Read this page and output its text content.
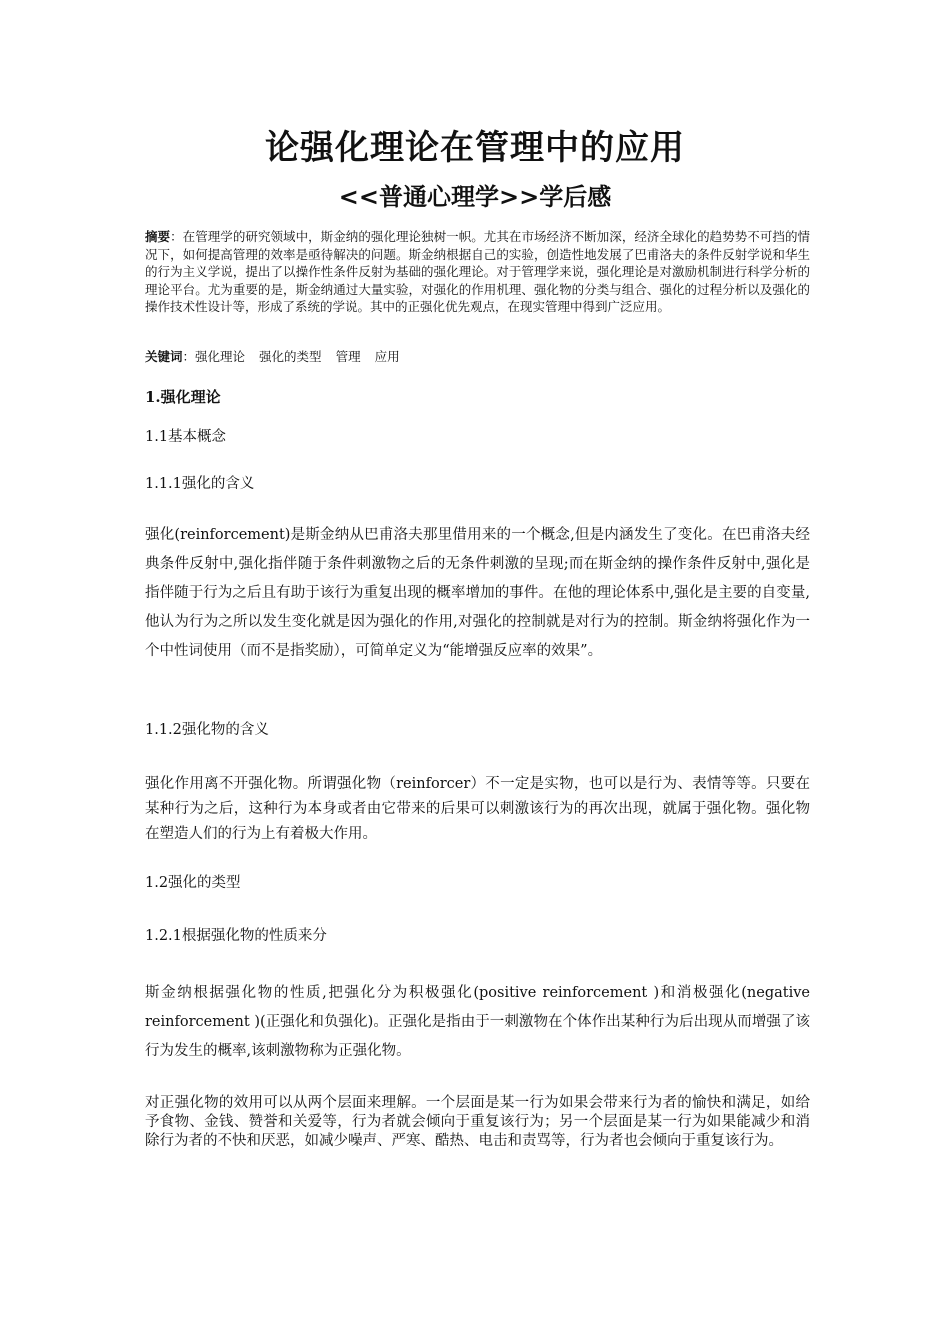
论强化理论在管理中的应用
<<普通心理学>>学后感
摘要：在管理学的研究领域中，斯金纳的强化理论独树一帜。尤其在市场经济不断加深，经济全球化的趋势势不可挡的情况下，如何提高管理的效率是亟待解决的问题。斯金纳根据自己的实验，创造性地发展了巴甫洛夫的条件反射学说和华生的行为主义学说，提出了以操作性条件反射为基础的强化理论。对于管理学来说，强化理论是对激励机制进行科学分析的理论平台。尤为重要的是，斯金纳通过大量实验，对强化的作用机理、强化物的分类与组合、强化的过程分析以及强化的操作技术性设计等，形成了系统的学说。其中的正强化优先观点，在现实管理中得到广泛应用。
关键词：强化理论 强化的类型 管理 应用
1.强化理论
1.1基本概念
1.1.1强化的含义
强化(reinforcement)是斯金纳从巴甫洛夫那里借用来的一个概念,但是内涵发生了变化。在巴甫洛夫经典条件反射中,强化指伴随于条件刺激物之后的无条件刺激的呈现;而在斯金纳的操作条件反射中,强化是指伴随于行为之后且有助于该行为重复出现的概率增加的事件。在他的理论体系中,强化是主要的自变量,他认为行为之所以发生变化就是因为强化的作用,对强化的控制就是对行为的控制。斯金纳将强化作为一个中性词使用（而不是指奖励），可简单定义为“能增强反应率的效果”。
1.1.2强化物的含义
强化作用离不开强化物。所谓强化物（reinforcer）不一定是实物，也可以是行为、表情等等。只要在某种行为之后，这种行为本身或者由它带来的后果可以刺激该行为的再次出现，就属于强化物。强化物在塑造人们的行为上有着极大作用。
1.2强化的类型
1.2.1根据强化物的性质来分
斯金纳根据强化物的性质,把强化分为积极强化(positive reinforcement )和消极强化(negative reinforcement )(正强化和负强化)。正强化是指由于一刺激物在个体作出某种行为后出现从而增强了该行为发生的概率,该刺激物称为正强化物。
对正强化物的效用可以从两个层面来理解。一个层面是某一行为如果会带来行为者的愉快和满足，如给予食物、金钱、赞誉和关爱等，行为者就会倾向于重复该行为；另一个层面是某一行为如果能减少和消除行为者的不快和厌恶，如减少噪声、严寒、酷热、电击和责骂等，行为者也会倾向于重复该行为。
